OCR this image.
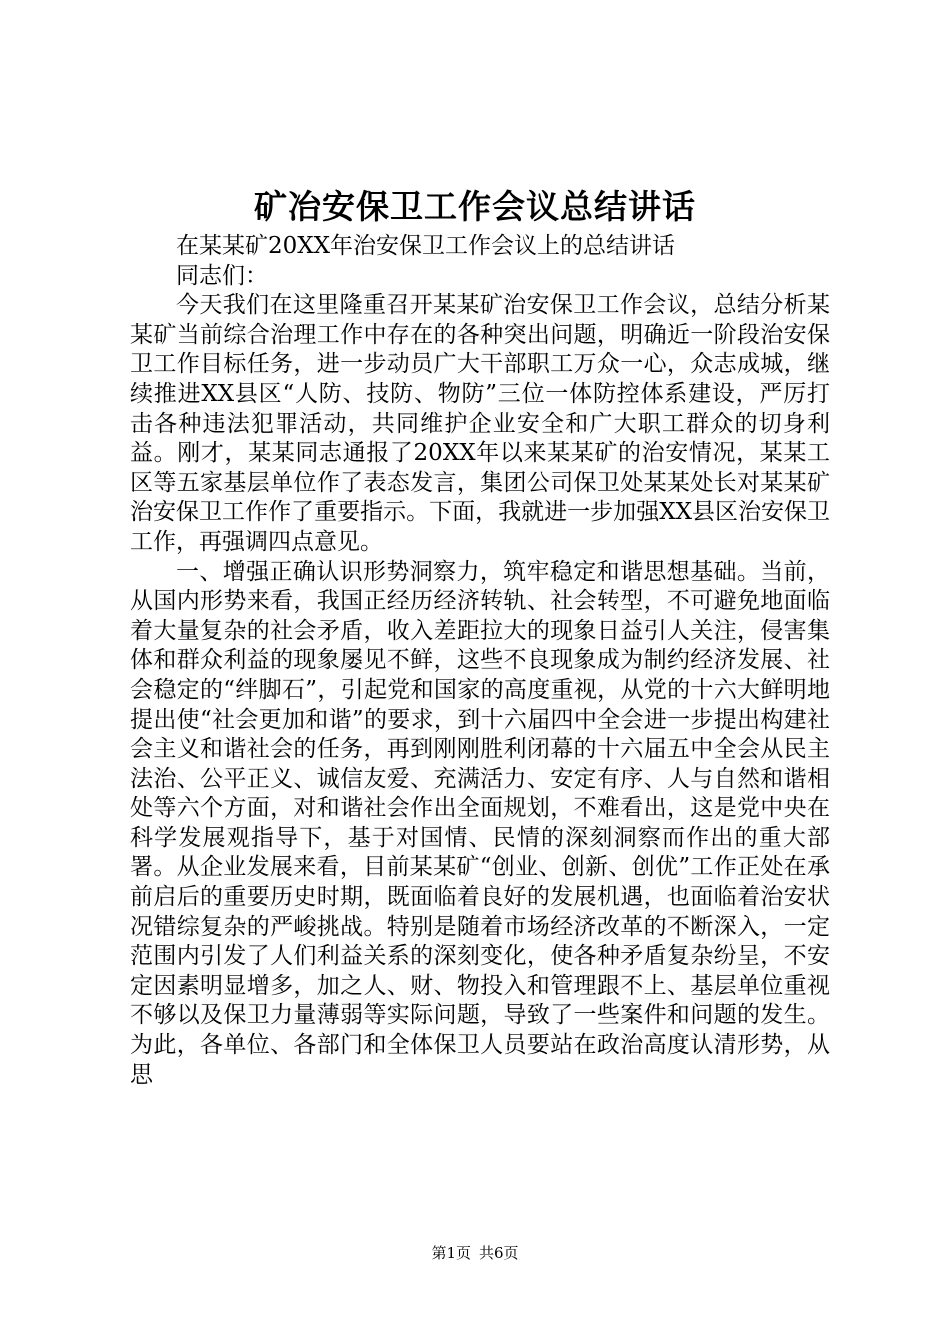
矿冶安保卫工作会议总结讲话

在某某矿20XX年治安保卫工作会议上的总结讲话

同志们：

今天我们在这里隆重召开某某矿治安保卫工作会议，总结分析某某矿当前综合治理工作中存在的各种突出问题，明确近一阶段治安保卫工作目标任务，进一步动员广大干部职工万众一心，众志成城，继续推进XX县区“人防、技防、物防”三位一体防控体系建设，严厉打击各种违法犯罪活动，共同维护企业安全和广大职工群众的切身利益。刚才，某某同志通报了20XX年以来某某矿的治安情况，某某工区等五家基层单位作了表态发言，集团公司保卫处某某处长对某某矿治安保卫工作作了重要指示。下面，我就进一步加强XX县区治安保卫工作，再强调四点意见。

一、增强正确认识形势洞察力，筑牢稳定和谐思想基础。当前，从国内形势来看，我国正经历经济转轨、社会转型，不可避免地面临着大量复杂的社会矛盾，收入差距拉大的现象日益引人关注，侵害集体和群众利益的现象屡见不鲜，这些不良现象成为制约经济发展、社会稳定的“绊脚石”，引起党和国家的高度重视，从党的十六大鲜明地提出使“社会更加和谐”的要求，到十六届四中全会进一步提出构建社会主义和谐社会的任务，再到刚刚胜利闭幕的十六届五中全会从民主法治、公平正义、诚信友爱、充满活力、安定有序、人与自然和谐相处等六个方面，对和谐社会作出全面规划，不难看出，这是党中央在科学发展观指导下，基于对国情、民情的深刻洞察而作出的重大部署。从企业发展来看，目前某某矿“创业、创新、创优”工作正处在承前启后的重要历史时期，既面临着良好的发展机遇，也面临着治安状况错综复杂的严峻挑战。特别是随着市场经济改革的不断深入，一定范围内引发了人们利益关系的深刻变化，使各种矛盾复杂纷呈，不安定因素明显增多，加之人、财、物投入和管理跟不上、基层单位重视不够以及保卫力量薄弱等实际问题，导致了一些案件和问题的发生。为此，各单位、各部门和全体保卫人员要站在政治高度认清形势，从思

第1页 共6页
